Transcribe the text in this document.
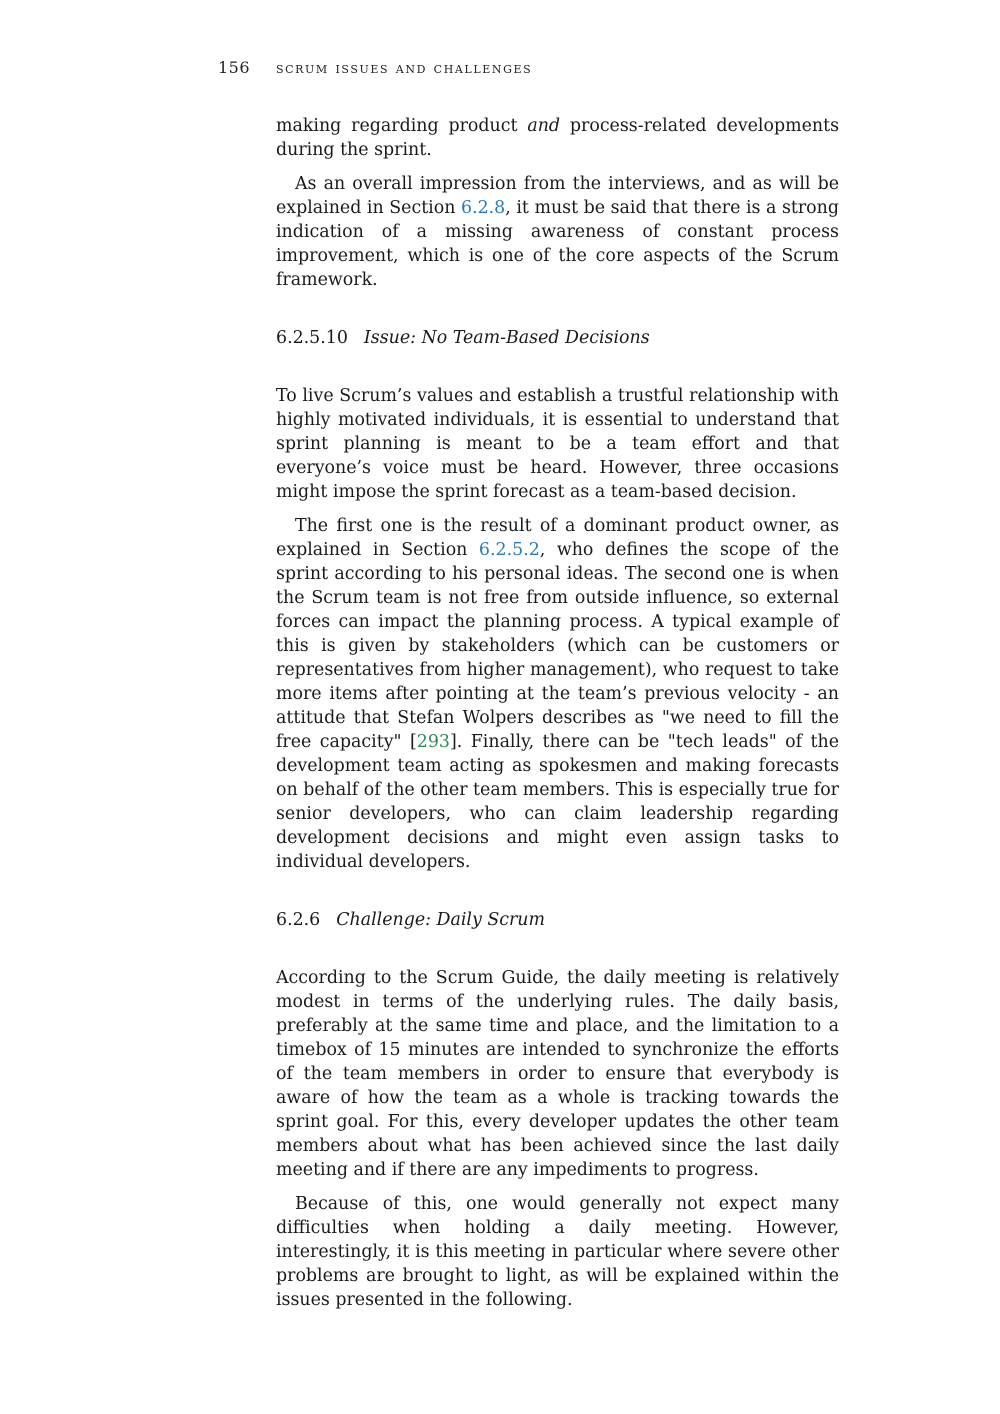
156 scrum issues and challenges

making regarding product and process-related developments during the sprint.

As an overall impression from the interviews, and as will be explained in Section 6.2.8, it must be said that there is a strong indication of a missing awareness of constant process improvement, which is one of the core aspects of the Scrum framework.

6.2.5.10 Issue: No Team-Based Decisions

To live Scrum’s values and establish a trustful relationship with highly motivated individuals, it is essential to understand that sprint planning is meant to be a team effort and that everyone’s voice must be heard. However, three occasions might impose the sprint forecast as a team-based decision.

The first one is the result of a dominant product owner, as explained in Section 6.2.5.2, who defines the scope of the sprint according to his personal ideas. The second one is when the Scrum team is not free from outside influence, so external forces can impact the planning process. A typical example of this is given by stakeholders (which can be customers or representatives from higher management), who request to take more items after pointing at the team’s previous velocity - an attitude that Stefan Wolpers describes as "we need to fill the free capacity" [293]. Finally, there can be "tech leads" of the development team acting as spokesmen and making forecasts on behalf of the other team members. This is especially true for senior developers, who can claim leadership regarding development decisions and might even assign tasks to individual developers.

6.2.6 Challenge: Daily Scrum

According to the Scrum Guide, the daily meeting is relatively modest in terms of the underlying rules. The daily basis, preferably at the same time and place, and the limitation to a timebox of 15 minutes are intended to synchronize the efforts of the team members in order to ensure that everybody is aware of how the team as a whole is tracking towards the sprint goal. For this, every developer updates the other team members about what has been achieved since the last daily meeting and if there are any impediments to progress.

Because of this, one would generally not expect many difficulties when holding a daily meeting. However, interestingly, it is this meeting in particular where severe other problems are brought to light, as will be explained within the issues presented in the following.
